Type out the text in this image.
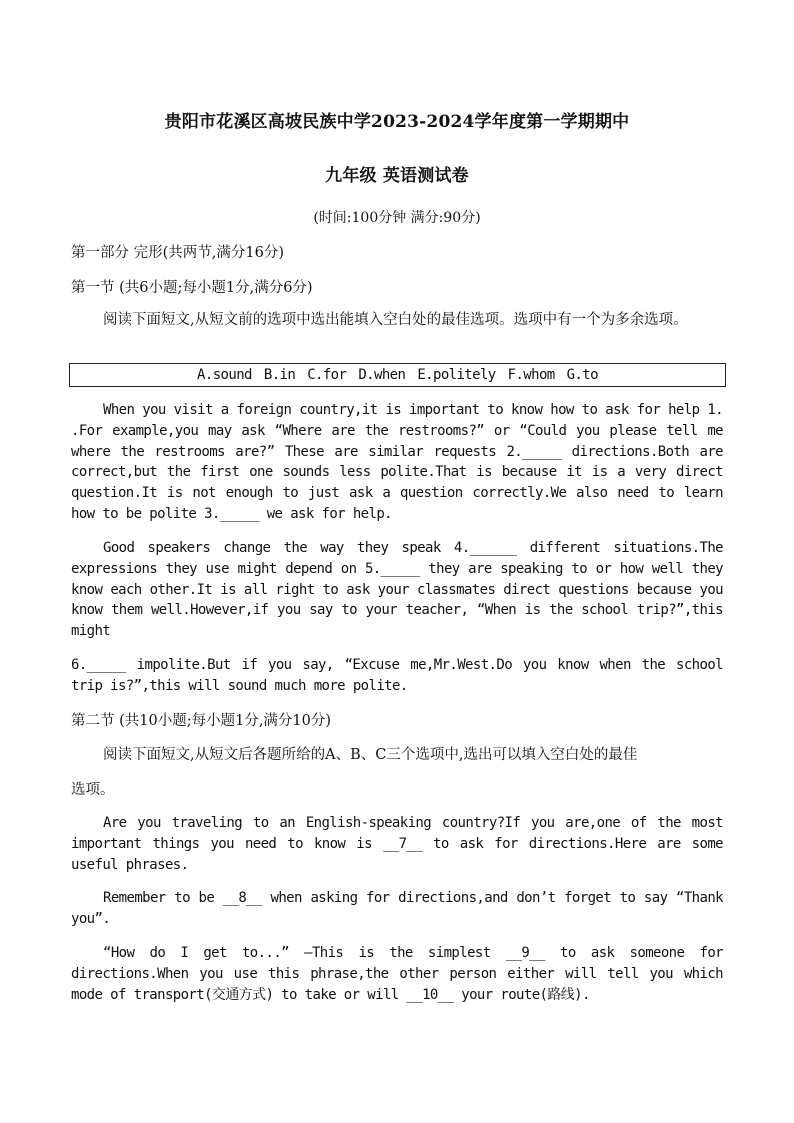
贵阳市花溪区高坡民族中学2023-2024学年度第一学期期中
九年级 英语测试卷
(时间:100分钟 满分:90分)
第一部分 完形(共两节,满分16分)
第一节 (共6小题;每小题1分,满分6分)
阅读下面短文,从短文前的选项中选出能填入空白处的最佳选项。选项中有一个为多余选项。
A.sound B.in C.for D.when E.politely F.whom G.to
When you visit a foreign country,it is important to know how to ask for help 1. .For example,you may ask “Where are the restrooms?” or “Could you please tell me where the restrooms are?” These are similar requests 2._____ directions.Both are correct,but the first one sounds less polite.That is because it is a very direct question.It is not enough to just ask a question correctly.We also need to learn how to be polite 3._____ we ask for help.
Good speakers change the way they speak 4.______ different situations.The expressions they use might depend on 5._____ they are speaking to or how well they know each other.It is all right to ask your classmates direct questions because you know them well.However,if you say to your teacher, “When is the school trip?”,this might
6._____ impolite.But if you say, “Excuse me,Mr.West.Do you know when the school trip is?”,this will sound much more polite.
第二节 (共10小题;每小题1分,满分10分)
阅读下面短文,从短文后各题所给的A、B、C三个选项中,选出可以填入空白处的最佳
选项。
Are you traveling to an English-speaking country?If you are,one of the most important things you need to know is __7__ to ask for directions.Here are some useful phrases.
Remember to be __8__ when asking for directions,and don’t forget to say “Thank you”.
“How do I get to...” —This is the simplest __9__ to ask someone for directions.When you use this phrase,the other person either will tell you which mode of transport(交通方式) to take or will __10__ your route(路线).
